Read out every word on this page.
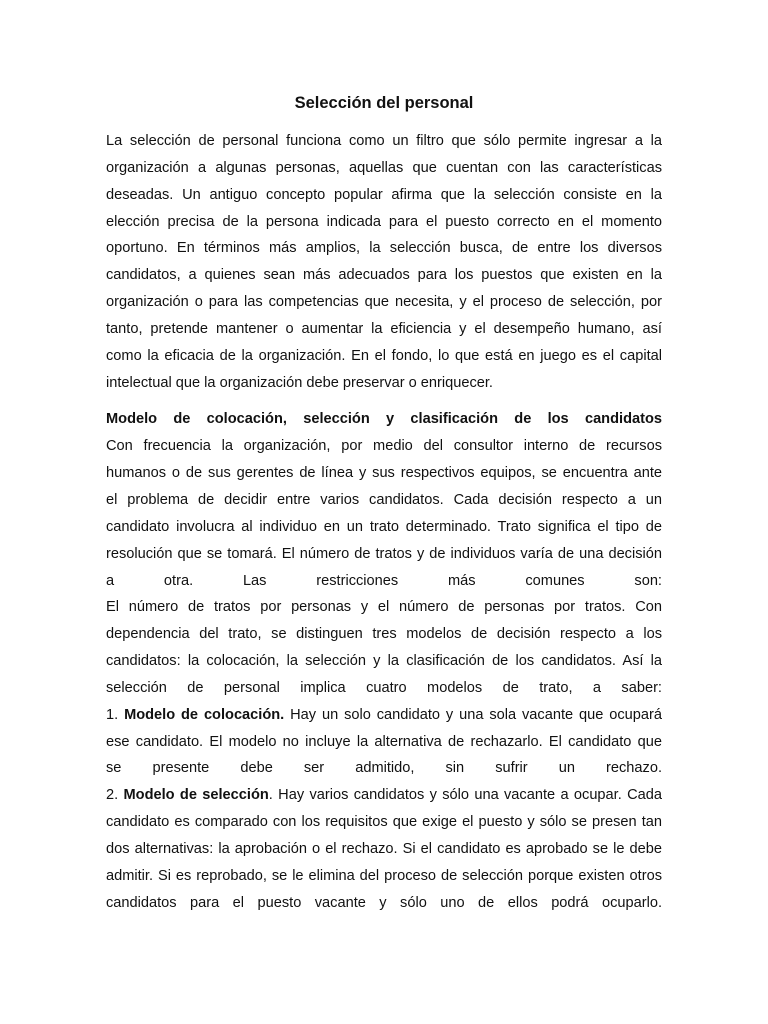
Selección del personal

La selección de personal funciona como un filtro que sólo permite ingresar a la
organización a algunas personas, aquellas que cuentan con las características
deseadas. Un antiguo concepto popular afirma que la selección consiste en la
elección precisa de la persona indicada para el puesto correcto en el momento
oportuno. En términos más amplios, la selección busca, de entre los diversos
candidatos, a quienes sean más adecuados para los puestos que existen en la
organización o para las competencias que necesita, y el proceso de selección, por
tanto, pretende mantener o aumentar la eficiencia y el desempeño humano, así
como la eficacia de la organización. En el fondo, lo que está en juego es el capital
intelectual que la organización debe preservar o enriquecer.

Modelo de colocación, selección y clasificación de los candidatos
Con frecuencia la organización, por medio del consultor interno de recursos
humanos o de sus gerentes de línea y sus respectivos equipos, se encuentra ante
el problema de decidir entre varios candidatos. Cada decisión respecto a un
candidato involucra al individuo en un trato determinado. Trato significa el tipo de
resolución que se tomará. El número de tratos y de individuos varía de una decisión
a otra. Las restricciones más comunes son:
El número de tratos por personas y el número de personas por tratos. Con
dependencia del trato, se distinguen tres modelos de decisión respecto a los
candidatos: la colocación, la selección y la clasificación de los candidatos. Así la
selección de personal implica cuatro modelos de trato, a saber:
1. Modelo de colocación. Hay un solo candidato y una sola vacante que ocupará
ese candidato. El modelo no incluye la alternativa de rechazarlo. El candidato que
se presente debe ser admitido, sin sufrir un rechazo.
2. Modelo de selección. Hay varios candidatos y sólo una vacante a ocupar. Cada
candidato es comparado con los requisitos que exige el puesto y sólo se presen tan
dos alternativas: la aprobación o el rechazo. Si el candidato es aprobado se le debe
admitir. Si es reprobado, se le elimina del proceso de selección porque existen otros
candidatos para el puesto vacante y sólo uno de ellos podrá ocuparlo.
